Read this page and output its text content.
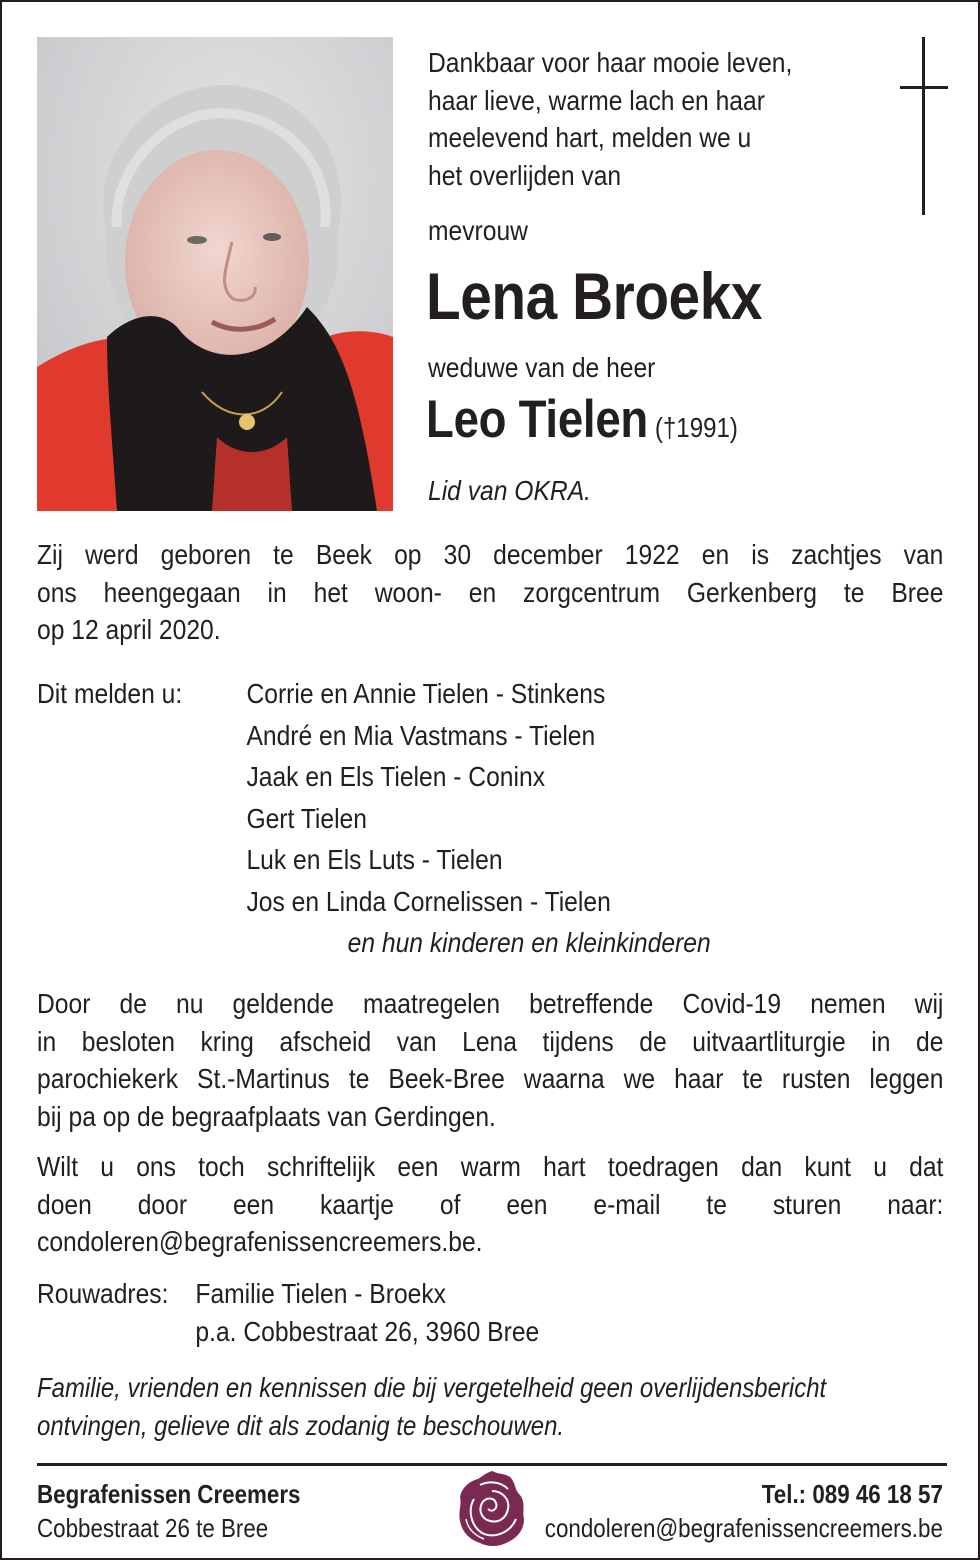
Dankbaar voor haar mooie leven,
haar lieve, warme lach en haar
meelevend hart, melden we u
het overlijden van
mevrouw
Lena Broekx
weduwe van de heer
Leo Tielen (†1991)
Lid van OKRA.
Zij werd geboren te Beek op 30 december 1922 en is zachtjes van
ons heengegaan in het woon- en zorgcentrum Gerkenberg te Bree
op 12 april 2020.
Dit melden u: Corrie en Annie Tielen - Stinkens
André en Mia Vastmans - Tielen
Jaak en Els Tielen - Coninx
Gert Tielen
Luk en Els Luts - Tielen
Jos en Linda Cornelissen - Tielen
en hun kinderen en kleinkinderen
Door de nu geldende maatregelen betreffende Covid-19 nemen wij
in besloten kring afscheid van Lena tijdens de uitvaartliturgie in de
parochiekerk St.-Martinus te Beek-Bree waarna we haar te rusten leggen
bij pa op de begraafplaats van Gerdingen.
Wilt u ons toch schriftelijk een warm hart toedragen dan kunt u dat
doen door een kaartje of een e-mail te sturen naar:
condoleren@begrafenissencreemers.be.
Rouwadres: Familie Tielen - Broekx
p.a. Cobbestraat 26, 3960 Bree
Familie, vrienden en kennissen die bij vergetelheid geen overlijdensbericht
ontvingen, gelieve dit als zodanig te beschouwen.
Begrafenissen Creemers
Cobbestraat 26 te Bree
Tel.: 089 46 18 57
condoleren@begrafenissencreemers.be
